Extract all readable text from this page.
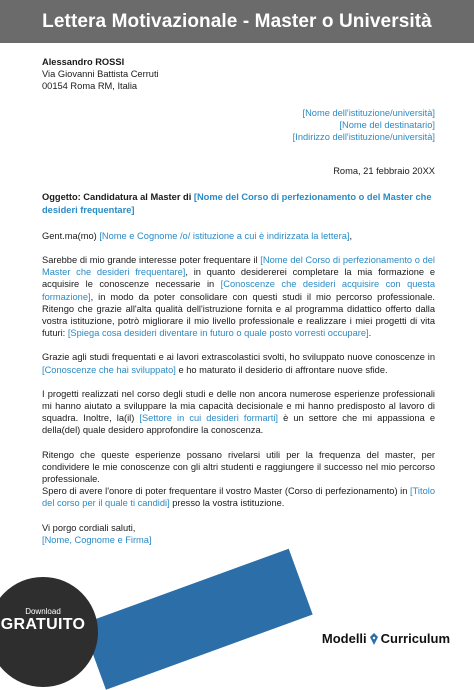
Lettera Motivazionale - Master o Università
Alessandro ROSSI
Via Giovanni Battista Cerruti
00154 Roma RM, Italia
[Nome dell'istituzione/università]
[Nome del destinatario]
[Indirizzo dell'istituzione/università]
Roma, 21 febbraio 20XX
Oggetto: Candidatura al Master di [Nome del Corso di perfezionamento o del Master che desideri frequentare]
Gent.ma(mo) [Nome e Cognome /o/ istituzione a cui è indirizzata la lettera],

Sarebbe di mio grande interesse poter frequentare il [Nome del Corso di perfezionamento o del Master che desideri frequentare], in quanto desidererei completare la mia formazione e acquisire le conoscenze necessarie in [Conoscenze che desideri acquisire con questa formazione], in modo da poter consolidare con questi studi il mio percorso professionale. Ritengo che grazie all'alta qualità dell'istruzione fornita e al programma didattico offerto dalla vostra istituzione, potrò migliorare il mio livello professionale e realizzare i miei progetti di vita futuri: [Spiega cosa desideri diventare in futuro o quale posto vorresti occupare].

Grazie agli studi frequentati e ai lavori extrascolastici svolti, ho sviluppato nuove conoscenze in [Conoscenze che hai sviluppato] e ho maturato il desiderio di affrontare nuove sfide.

I progetti realizzati nel corso degli studi e delle non ancora numerose esperienze professionali mi hanno aiutato a sviluppare la mia capacità decisionale e mi hanno predisposto al lavoro di squadra. Inoltre, la(il) [Settore in cui desideri formarti] è un settore che mi appassiona e della(del) quale desidero approfondire la conoscenza.

Ritengo che queste esperienze possano rivelarsi utili per la frequenza del master, per condividere le mie conoscenze con gli altri studenti e raggiungere il successo nel mio percorso professionale.

Spero di avere l'onore di poter frequentare il vostro Master (Corso di perfezionamento) in [Titolo del corso per il quale ti candidi] presso la vostra istituzione.

Vi porgo cordiali saluti,
[Nome, Cognome e Firma]
Download
GRATUITO
Modelli Curriculum
